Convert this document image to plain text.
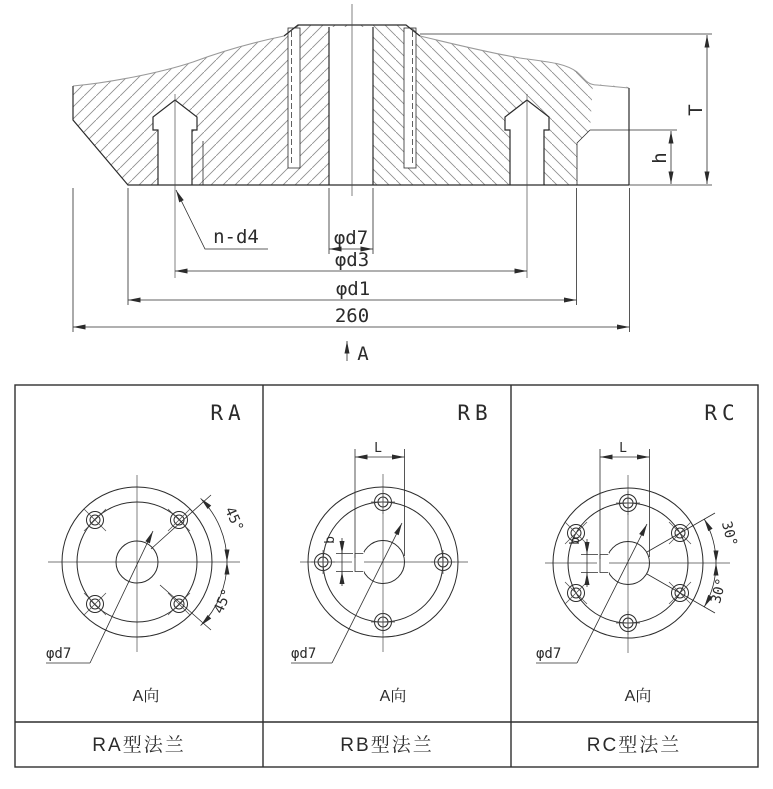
n-d4	φd7
φd3
φd1
260
T
h
A
RA
45°
45°
φd7
A向
RA型法兰
RB
L
b
φd7
A向
RB型法兰
RC
L
b	30°
30°
φd7
A向
RC型法兰
